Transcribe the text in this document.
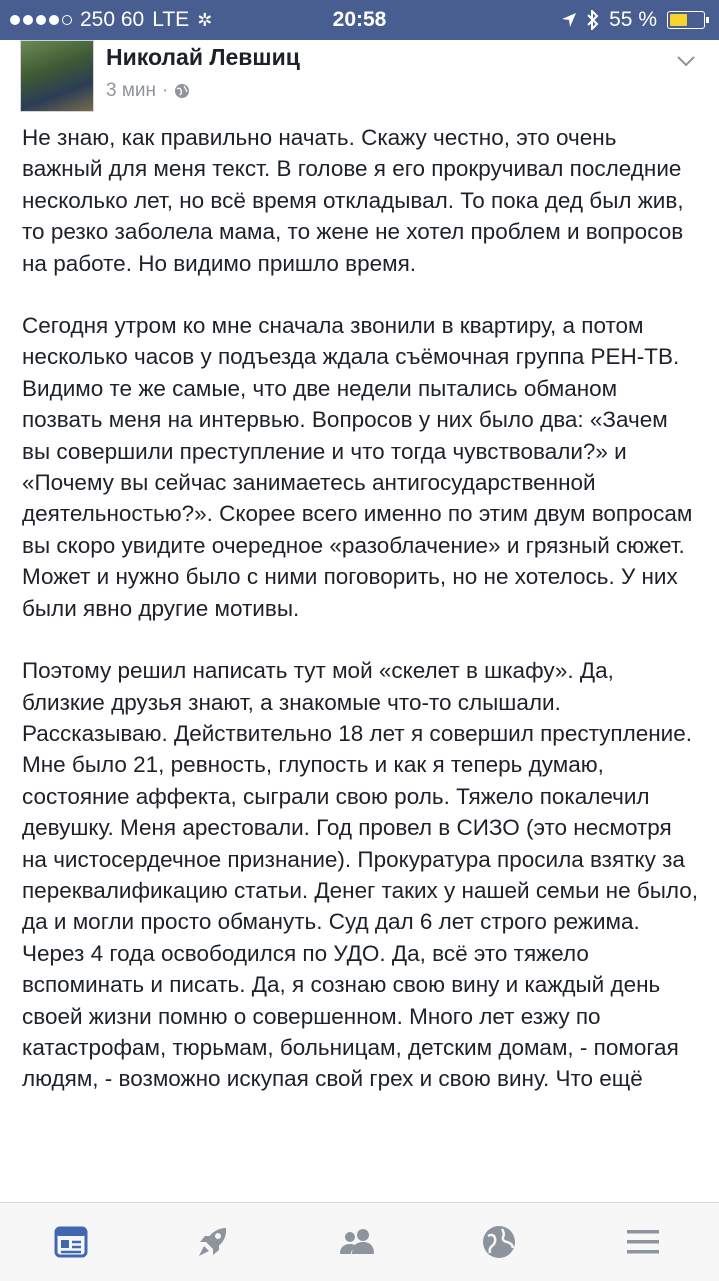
250 60 LTE ✲	20:58	55 %
Николай Левшиц
3 мин ·

Не знаю, как правильно начать. Скажу честно, это очень важный для меня текст. В голове я его прокручивал последние несколько лет, но всё время откладывал. То пока дед был жив, то резко заболела мама, то жене не хотел проблем и вопросов на работе. Но видимо пришло время.

Сегодня утром ко мне сначала звонили в квартиру, а потом несколько часов у подъезда ждала съёмочная группа РЕН-ТВ. Видимо те же самые, что две недели пытались обманом позвать меня на интервью. Вопросов у них было два: «Зачем вы совершили преступление и что тогда чувствовали?» и «Почему вы сейчас занимаетесь антигосударственной деятельностью?». Скорее всего именно по этим двум вопросам вы скоро увидите очередное «разоблачение» и грязный сюжет. Может и нужно было с ними поговорить, но не хотелось. У них были явно другие мотивы.

Поэтому решил написать тут мой «скелет в шкафу». Да, близкие друзья знают, а знакомые что-то слышали. Рассказываю. Действительно 18 лет я совершил преступление. Мне было 21, ревность, глупость и как я теперь думаю, состояние аффекта, сыграли свою роль. Тяжело покалечил девушку. Меня арестовали. Год провел в СИЗО (это несмотря на чистосердечное признание). Прокуратура просила взятку за переквалификацию статьи. Денег таких у нашей семьи не было, да и могли просто обмануть. Суд дал 6 лет строго режима. Через 4 года освободился по УДО. Да, всё это тяжело вспоминать и писать. Да, я сознаю свою вину и каждый день своей жизни помню о совершенном. Много лет езжу по катастрофам, тюрьмам, больницам, детским домам, - помогая людям, - возможно искупая свой грех и свою вину. Что ещё
